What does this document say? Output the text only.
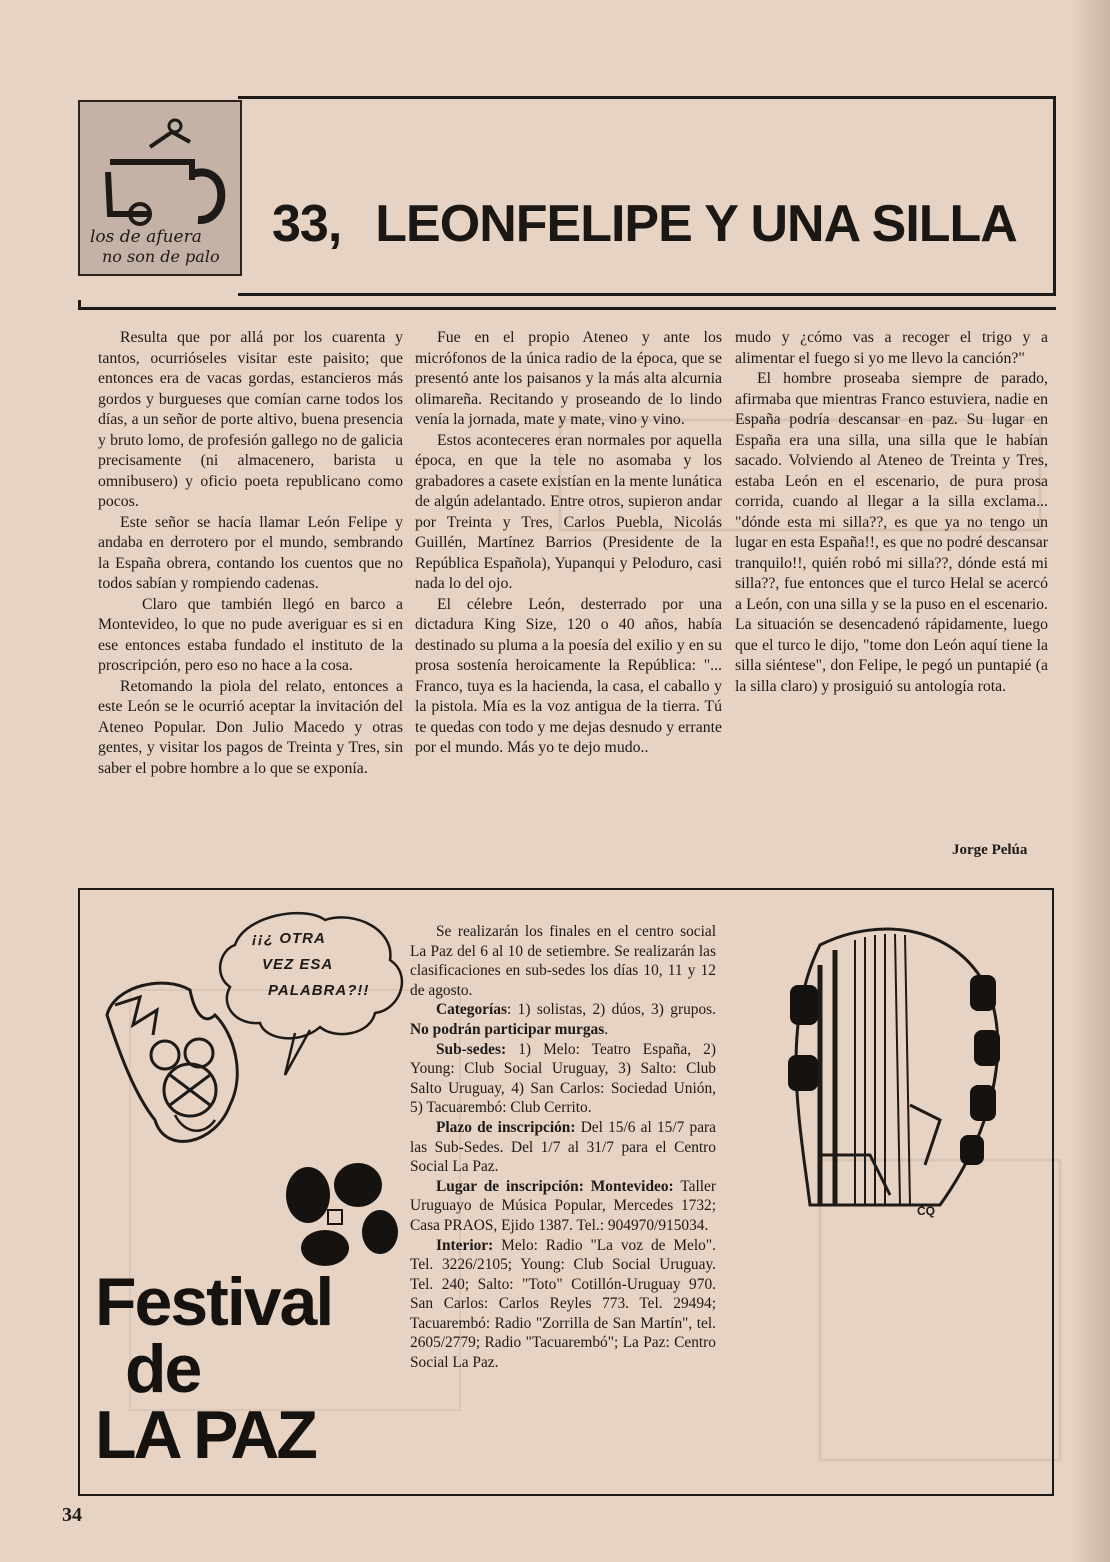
los de afuera
no son de palo
33, LEONFELIPE Y UNA SILLA

Resulta que por allá por los cuarenta y tantos, ocurrióseles visitar este paisito; que entonces era de vacas gordas, estancieros más gordos y burgueses que comían carne todos los días, a un señor de porte altivo, buena presencia y bruto lomo, de profesión gallego no de galicia precisamente (ni almacenero, barista u omnibusero) y oficio poeta republicano como pocos.

Este señor se hacía llamar León Felipe y andaba en derrotero por el mundo, sembrando la España obrera, contando los cuentos que no todos sabían y rompiendo cadenas.

Claro que también llegó en barco a Montevideo, lo que no pude averiguar es si en ese entonces estaba fundado el instituto de la proscripción, pero eso no hace a la cosa.

Retomando la piola del relato, entonces a este León se le ocurrió aceptar la invitación del Ateneo Popular. Don Julio Macedo y otras gentes, y visitar los pagos de Treinta y Tres, sin saber el pobre hombre a lo que se exponía.

Fue en el propio Ateneo y ante los micrófonos de la única radio de la época, que se presentó ante los paisanos y la más alta alcurnia olimareña. Recitando y proseando de lo lindo venía la jornada, mate y mate, vino y vino.

Estos aconteceres eran normales por aquella época, en que la tele no asomaba y los grabadores a casete existían en la mente lunática de algún adelantado. Entre otros, supieron andar por Treinta y Tres, Carlos Puebla, Nicolás Guillén, Martínez Barrios (Presidente de la República Española), Yupanqui y Peloduro, casi nada lo del ojo.

El célebre León, desterrado por una dictadura King Size, 120 o 40 años, había destinado su pluma a la poesía del exilio y en su prosa sostenía heroicamente la República: "... Franco, tuya es la hacienda, la casa, el caballo y la pistola. Mía es la voz antigua de la tierra. Tú te quedas con todo y me dejas desnudo y errante por el mundo. Más yo te dejo mudo..

mudo y ¿cómo vas a recoger el trigo y a alimentar el fuego si yo me llevo la canción?"

El hombre proseaba siempre de parado, afirmaba que mientras Franco estuviera, nadie en España podría descansar en paz. Su lugar en España era una silla, una silla que le habían sacado. Volviendo al Ateneo de Treinta y Tres, estaba León en el escenario, de pura prosa corrida, cuando al llegar a la silla exclama... "dónde esta mi silla??, es que ya no tengo un lugar en esta España!!, es que no podré descansar tranquilo!!, quién robó mi silla??, dónde está mi silla??, fue entonces que el turco Helal se acercó a León, con una silla y se la puso en el escenario. La situación se desencadenó rápidamente, luego que el turco le dijo, "tome don León aquí tiene la silla siéntese", don Felipe, le pegó un puntapié (a la silla claro) y prosiguió su antología rota.

Jorge Pelúa
¡¡¿ OTRA
VEZ ESA
PALABRA?!!
Festival
de
LA PAZ

Se realizarán los finales en el centro social La Paz del 6 al 10 de setiembre. Se realizarán las clasificaciones en sub-sedes los días 10, 11 y 12 de agosto.

Categorías: 1) solistas, 2) dúos, 3) grupos. No podrán participar murgas.

Sub-sedes: 1) Melo: Teatro España, 2) Young: Club Social Uruguay, 3) Salto: Club Salto Uruguay, 4) San Carlos: Sociedad Unión, 5) Tacuarembó: Club Cerrito.

Plazo de inscripción: Del 15/6 al 15/7 para las Sub-Sedes. Del 1/7 al 31/7 para el Centro Social La Paz.

Lugar de inscripción: Montevideo: Taller Uruguayo de Música Popular, Mercedes 1732; Casa PRAOS, Ejido 1387. Tel.: 904970/915034.

Interior: Melo: Radio "La voz de Melo". Tel. 3226/2105; Young: Club Social Uruguay. Tel. 240; Salto: "Toto" Cotillón-Uruguay 970. San Carlos: Carlos Reyles 773. Tel. 29494; Tacuarembó: Radio "Zorrilla de San Martín", tel. 2605/2779; Radio "Tacuarembó"; La Paz: Centro Social La Paz.

CQ
34
